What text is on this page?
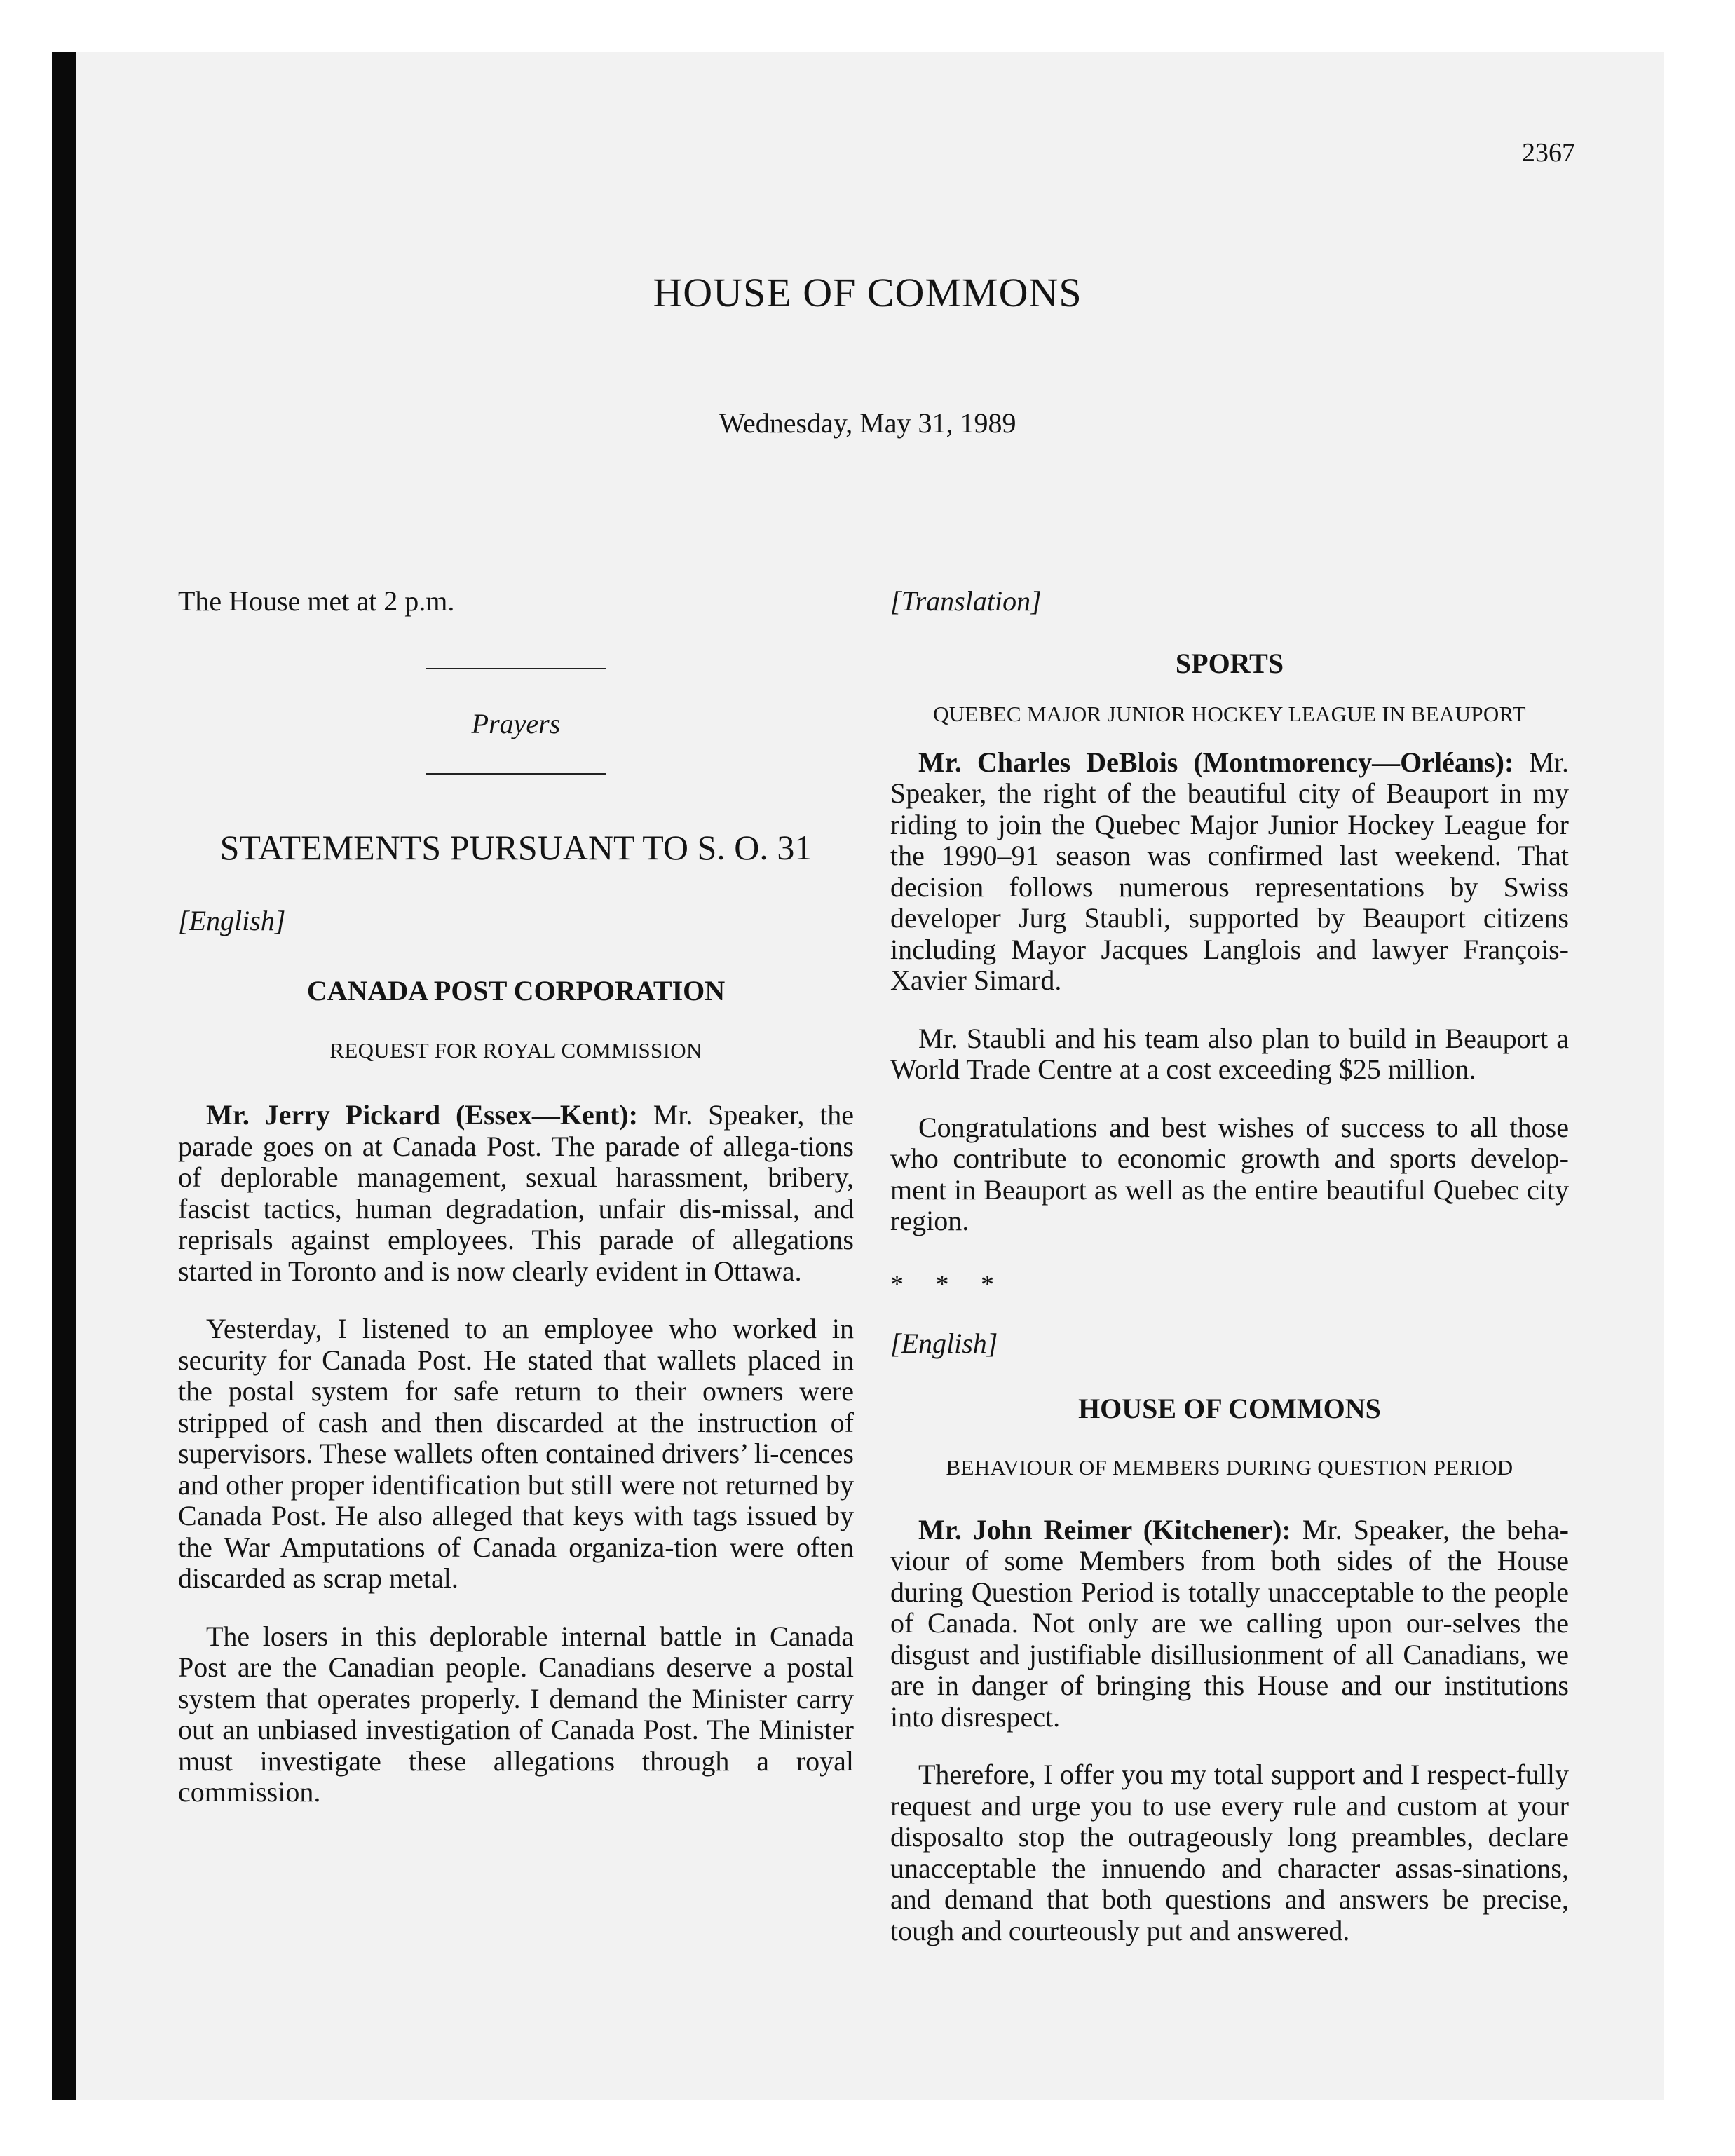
2367
HOUSE OF COMMONS
Wednesday, May 31, 1989

The House met at 2 p.m.

Prayers

STATEMENTS PURSUANT TO S. O. 31

[English]

CANADA POST CORPORATION

REQUEST FOR ROYAL COMMISSION

Mr. Jerry Pickard (Essex—Kent): Mr. Speaker, the parade goes on at Canada Post. The parade of allega-tions of deplorable management, sexual harassment, bribery, fascist tactics, human degradation, unfair dis-missal, and reprisals against employees. This parade of allegations started in Toronto and is now clearly evident in Ottawa.

Yesterday, I listened to an employee who worked in security for Canada Post. He stated that wallets placed in the postal system for safe return to their owners were stripped of cash and then discarded at the instruction of supervisors. These wallets often contained drivers’ li-cences and other proper identification but still were not returned by Canada Post. He also alleged that keys with tags issued by the War Amputations of Canada organiza-tion were often discarded as scrap metal.

The losers in this deplorable internal battle in Canada Post are the Canadian people. Canadians deserve a postal system that operates properly. I demand the Minister carry out an unbiased investigation of Canada Post. The Minister must investigate these allegations through a royal commission.

[Translation]

SPORTS

QUEBEC MAJOR JUNIOR HOCKEY LEAGUE IN BEAUPORT

Mr. Charles DeBlois (Montmorency—Orléans): Mr. Speaker, the right of the beautiful city of Beauport in my riding to join the Quebec Major Junior Hockey League for the 1990–91 season was confirmed last weekend. That decision follows numerous representations by Swiss developer Jurg Staubli, supported by Beauport citizens including Mayor Jacques Langlois and lawyer François-Xavier Simard.

Mr. Staubli and his team also plan to build in Beauport a World Trade Centre at a cost exceeding $25 million.

Congratulations and best wishes of success to all those who contribute to economic growth and sports develop-ment in Beauport as well as the entire beautiful Quebec city region.

* * *

[English]

HOUSE OF COMMONS

BEHAVIOUR OF MEMBERS DURING QUESTION PERIOD

Mr. John Reimer (Kitchener): Mr. Speaker, the beha-viour of some Members from both sides of the House during Question Period is totally unacceptable to the people of Canada. Not only are we calling upon our-selves the disgust and justifiable disillusionment of all Canadians, we are in danger of bringing this House and our institutions into disrespect.

Therefore, I offer you my total support and I respect-fully request and urge you to use every rule and custom at your disposalto stop the outrageously long preambles, declare unacceptable the innuendo and character assas-sinations, and demand that both questions and answers be precise, tough and courteously put and answered.
